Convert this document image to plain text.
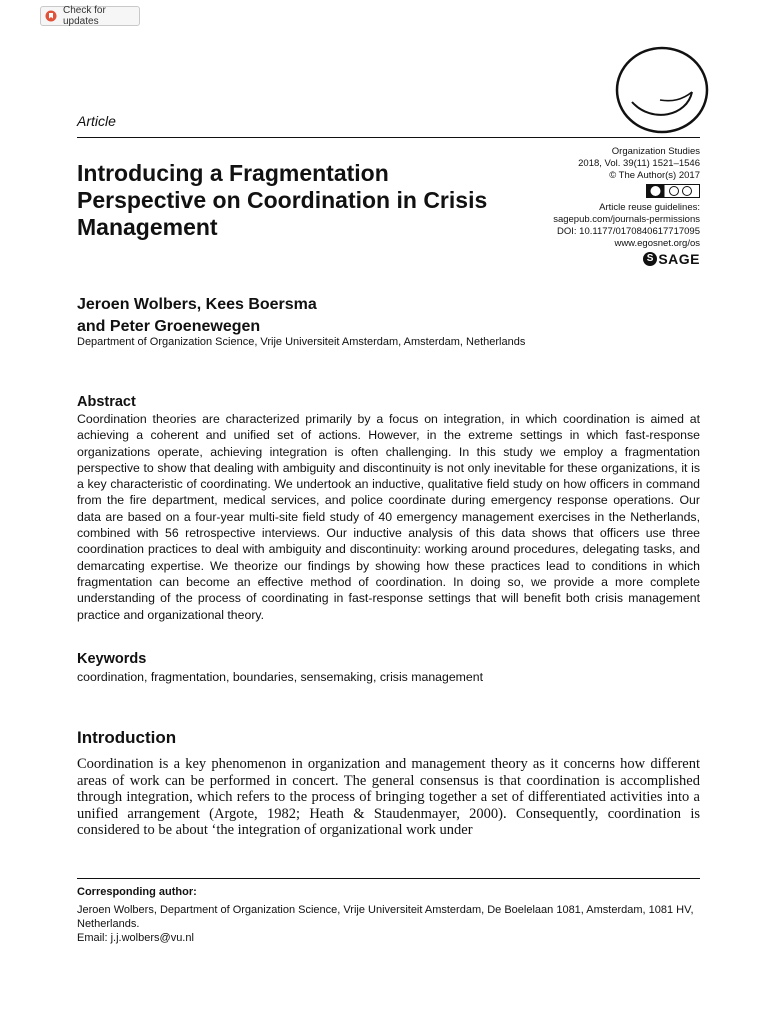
Check for updates
Article
Introducing a Fragmentation Perspective on Coordination in Crisis Management
Organization Studies
2018, Vol. 39(11) 1521–1546
© The Author(s) 2017
Article reuse guidelines:
sagepub.com/journals-permissions
DOI: 10.1177/0170840617717095
www.egosnet.org/os
S SAGE
Jeroen Wolbers, Kees Boersma
and Peter Groenewegen
Department of Organization Science, Vrije Universiteit Amsterdam, Amsterdam, Netherlands
Abstract
Coordination theories are characterized primarily by a focus on integration, in which coordination is aimed at achieving a coherent and unified set of actions. However, in the extreme settings in which fast-response organizations operate, achieving integration is often challenging. In this study we employ a fragmentation perspective to show that dealing with ambiguity and discontinuity is not only inevitable for these organizations, it is a key characteristic of coordinating. We undertook an inductive, qualitative field study on how officers in command from the fire department, medical services, and police coordinate during emergency response operations. Our data are based on a four-year multi-site field study of 40 emergency management exercises in the Netherlands, combined with 56 retrospective interviews. Our inductive analysis of this data shows that officers use three coordination practices to deal with ambiguity and discontinuity: working around procedures, delegating tasks, and demarcating expertise. We theorize our findings by showing how these practices lead to conditions in which fragmentation can become an effective method of coordination. In doing so, we provide a more complete understanding of the process of coordinating in fast-response settings that will benefit both crisis management practice and organizational theory.
Keywords
coordination, fragmentation, boundaries, sensemaking, crisis management
Introduction
Coordination is a key phenomenon in organization and management theory as it concerns how different areas of work can be performed in concert. The general consensus is that coordination is accomplished through integration, which refers to the process of bringing together a set of differentiated activities into a unified arrangement (Argote, 1982; Heath & Staudenmayer, 2000). Consequently, coordination is considered to be about ‘the integration of organizational work under
Corresponding author:
Jeroen Wolbers, Department of Organization Science, Vrije Universiteit Amsterdam, De Boelelaan 1081, Amsterdam, 1081 HV, Netherlands.
Email: j.j.wolbers@vu.nl
